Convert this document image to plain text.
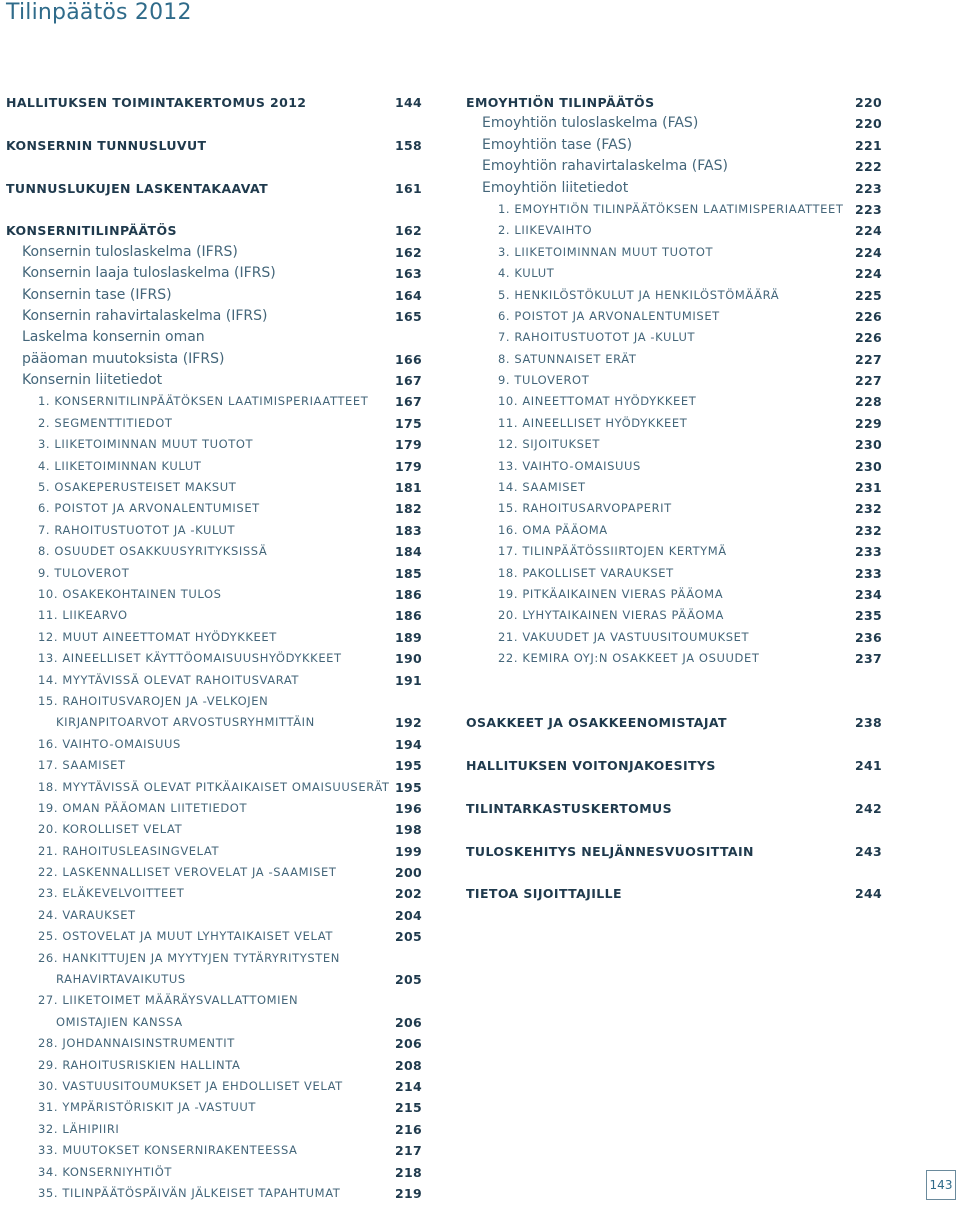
Tilinpäätös 2012
HALLITUKSEN TOIMINTAKERTOMUS 2012	144
KONSERNIN TUNNUSLUVUT	158
TUNNUSLUKUJEN LASKENTAKAAVAT	161
KONSERNITILINPÄÄTÖS	162
Konsernin tuloslaskelma (IFRS)	162
Konsernin laaja tuloslaskelma (IFRS)	163
Konsernin tase (IFRS)	164
Konsernin rahavirtalaskelma (IFRS)	165
Laskelma konsernin oman
pääoman muutoksista (IFRS)	166
Konsernin liitetiedot	167
1. KONSERNITILINPÄÄTÖKSEN LAATIMISPERIAATTEET 167
2. SEGMENTTITIEDOT	175
3. LIIKETOIMINNAN MUUT TUOTOT	179
4. LIIKETOIMINNAN KULUT	179
5. OSAKEPERUSTEISET MAKSUT	181
6. POISTOT JA ARVONALENTUMISET	182
7. RAHOITUSTUOTOT JA -KULUT	183
8. OSUUDET OSAKKUUSYRITYKSISSÄ	184
9. TULOVEROT	185
10. OSAKEKOHTAINEN TULOS	186
11. LIIKEARVO	186
12. MUUT AINEETTOMAT HYÖDYKKEET	189
13. AINEELLISET KÄYTTÖOMAISUUSHYÖDYKKEET	190
14. MYYTÄVISSÄ OLEVAT RAHOITUSVARAT	191
15. RAHOITUSVAROJEN JA -VELKOJEN
KIRJANPITOARVOT ARVOSTUSRYHMITTÄIN	192
16. VAIHTO-OMAISUUS	194
17. SAAMISET	195
18. MYYTÄVISSÄ OLEVAT PITKÄAIKAISET OMAISUUSERÄT 195
19. OMAN PÄÄOMAN LIITETIEDOT	196
20. KOROLLISET VELAT	198
21. RAHOITUSLEASINGVELAT	199
22. LASKENNALLISET VEROVELAT JA -SAAMISET	200
23. ELÄKEVELVOITTEET	202
24. VARAUKSET	204
25. OSTOVELAT JA MUUT LYHYTAIKAISET VELAT	205
26. HANKITTUJEN JA MYYTYJEN TYTÄRYRITYSTEN
RAHAVIRTAVAIKUTUS	205
27. LIIKETOIMET MÄÄRÄYSVALLATTOMIEN
OMISTAJIEN KANSSA	206
28. JOHDANNAISINSTRUMENTIT	206
29. RAHOITUSRISKIEN HALLINTA	208
30. VASTUUSITOUMUKSET JA EHDOLLISET VELAT	214
31. YMPÄRISTÖRISKIT JA -VASTUUT	215
32. LÄHIPIIRI	216
33. MUUTOKSET KONSERNIRAKENTEESSA	217
34. KONSERNIYHTIÖT	218
35. TILINPÄÄTÖSPÄIVÄN JÄLKEISET TAPAHTUMAT	219
EMOYHTIÖN TILINPÄÄTÖS	220
Emoyhtiön tuloslaskelma (FAS)	220
Emoyhtiön tase (FAS)	221
Emoyhtiön rahavirtalaskelma (FAS)	222
Emoyhtiön liitetiedot	223
1. EMOYHTIÖN TILINPÄÄTÖKSEN LAATIMISPERIAATTEET 223
2. LIIKEVAIHTO	224
3. LIIKETOIMINNAN MUUT TUOTOT	224
4. KULUT	224
5. HENKILÖSTÖKULUT JA HENKILÖSTÖMÄÄRÄ	225
6. POISTOT JA ARVONALENTUMISET	226
7. RAHOITUSTUOTOT JA -KULUT	226
8. SATUNNAISET ERÄT	227
9. TULOVEROT	227
10. AINEETTOMAT HYÖDYKKEET	228
11. AINEELLISET HYÖDYKKEET	229
12. SIJOITUKSET	230
13. VAIHTO-OMAISUUS	230
14. SAAMISET	231
15. RAHOITUSARVOPAPERIT	232
16. OMA PÄÄOMA	232
17. TILINPÄÄTÖSSIIRTOJEN KERTYMÄ	233
18. PAKOLLISET VARAUKSET	233
19. PITKÄAIKAINEN VIERAS PÄÄOMA	234
20. LYHYTAIKAINEN VIERAS PÄÄOMA	235
21. VAKUUDET JA VASTUUSITOUMUKSET	236
22. KEMIRA OYJ:N OSAKKEET JA OSUUDET	237
OSAKKEET JA OSAKKEENOMISTAJAT	238
HALLITUKSEN VOITONJAKOESITYS	241
TILINTARKASTUSKERTOMUS	242
TULOSKEHITYS NELJÄNNESVUOSITTAIN	243
TIETOA SIJOITTAJILLE	244
143
